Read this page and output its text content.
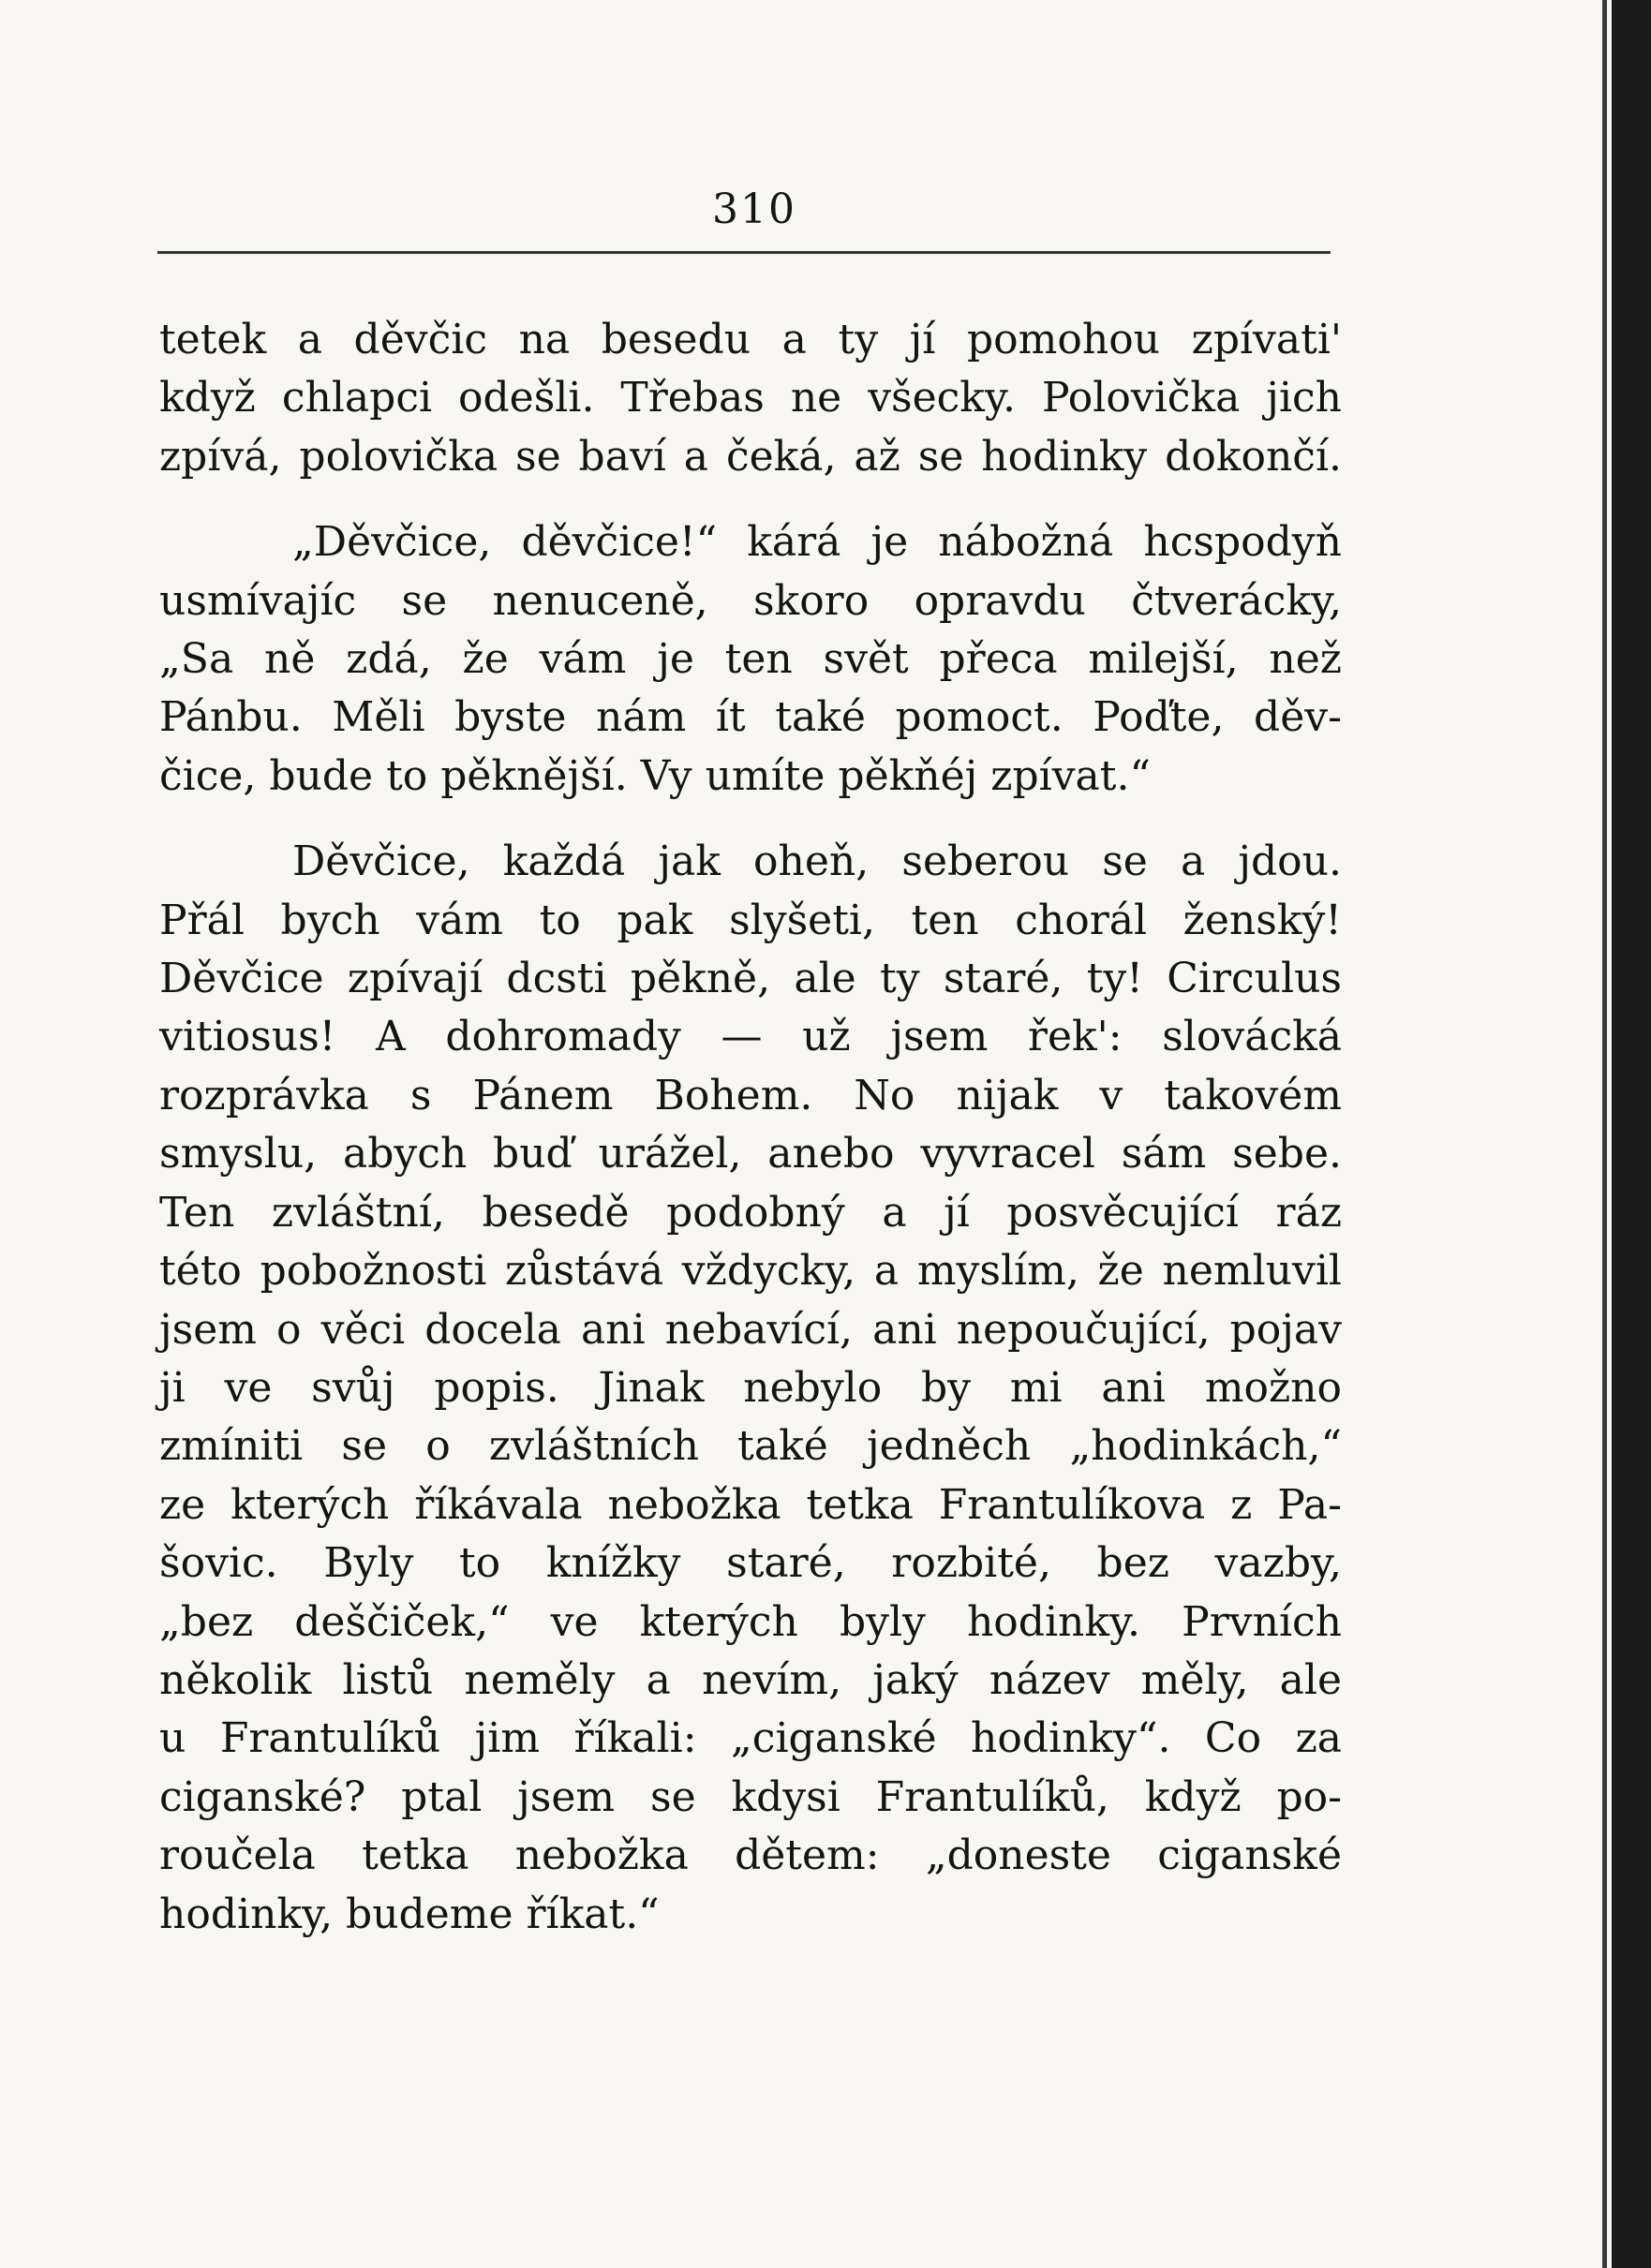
310

tetek a děvčic na besedu a ty jí pomohou zpívati'
když chlapci odešli. Třebas ne všecky. Polovička jich
zpívá, polovička se baví a čeká, až se hodinky dokončí.

„Děvčice, děvčice!“ kárá je nábožná hcspodyň
usmívajíc se nenuceně, skoro opravdu čtverácky,
„Sa ně zdá, že vám je ten svět přeca milejší, než
Pánbu. Měli byste nám ít také pomoct. Poďte, děv-
čice, bude to pěknější. Vy umíte pěkňéj zpívat.“

Děvčice, každá jak oheň, seberou se a jdou.
Přál bych vám to pak slyšeti, ten chorál ženský!
Děvčice zpívají dcsti pěkně, ale ty staré, ty! Circulus
vitiosus! A dohromady — už jsem řek': slovácká
rozprávka s Pánem Bohem. No nijak v takovém
smyslu, abych buď urážel, anebo vyvracel sám sebe.
Ten zvláštní, besedě podobný a jí posvěcující ráz
této pobožnosti zůstává vždycky, a myslím, že nemluvil
jsem o věci docela ani nebavící, ani nepoučující, pojav
ji ve svůj popis. Jinak nebylo by mi ani možno
zmíniti se o zvláštních také jedněch „hodinkách,“
ze kterých říkávala nebožka tetka Frantulíkova z Pa-
šovic. Byly to knížky staré, rozbité, bez vazby,
„bez deščiček,“ ve kterých byly hodinky. Prvních
několik listů neměly a nevím, jaký název měly, ale
u Frantulíků jim říkali: „ciganské hodinky“. Co za
ciganské? ptal jsem se kdysi Frantulíků, když po-
roučela tetka nebožka dětem: „doneste ciganské
hodinky, budeme říkat.“
